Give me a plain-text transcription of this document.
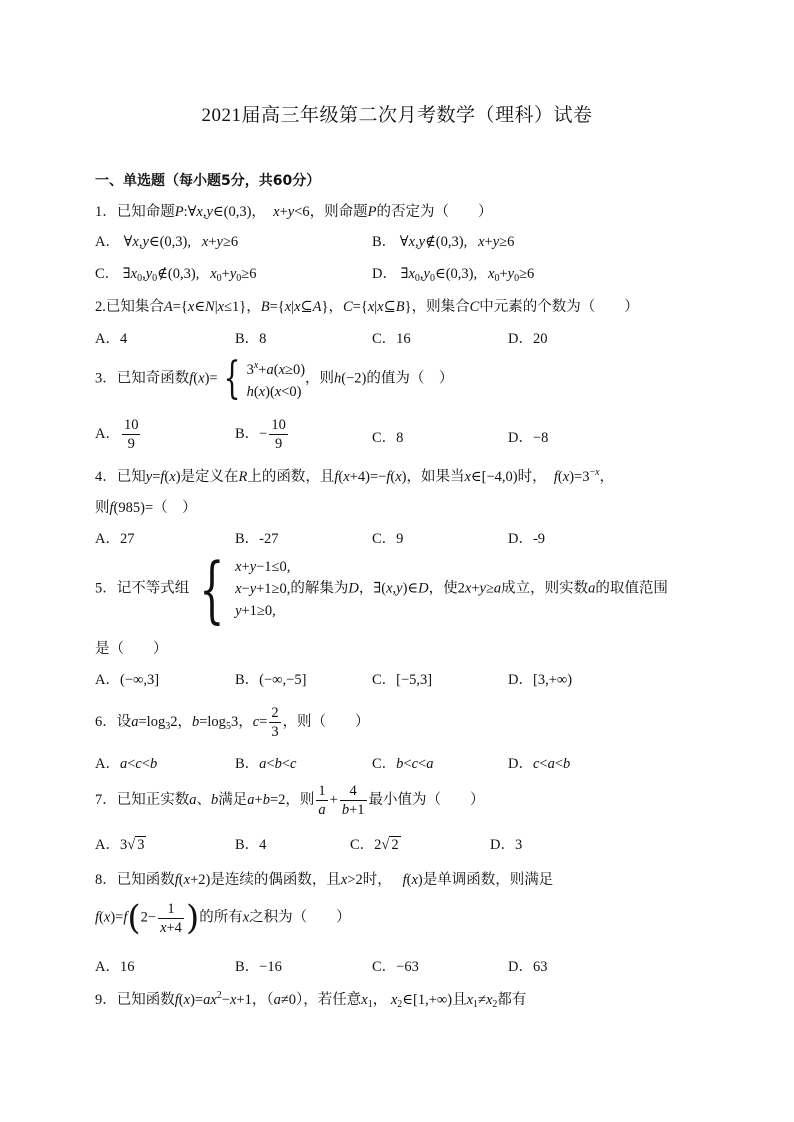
2021届高三年级第二次月考数学（理科）试卷
一、单选题（每小题5分，共60分）
1．已知命题P:∀x,y∈(0,3)，  x+y<6，则命题P的否定为（　　）
A． ∀x,y∈(0,3),   x+y≥6	B． ∀x,y∉(0,3),   x+y≥6
C． $\exists x_0,y_0\notin(0,3)$,   $x_0+y_0\ge 6$	D． $\exists x_0,y_0\in(0,3)$,   $x_0+y_0\ge 6$
2.已知集合A={x∈N|x≤1}，B={x|x⊆A}，C={x|x⊆B}，则集合C中元素的个数为（　　）
A．4	B．8	C．16	D．20
3．已知奇函数f(x)= { $3^x+a(x\ge 0)$
h(x)(x<0)
，则h(−2)的值为（　）
A． $\frac{10}{9}$	B．− $\frac{10}{9}$	C．8	D．−8
4．已知y=f(x)是定义在R上的函数，且f(x+4)=−f(x)，如果当x∈[−4,0)时， $f(x)=3^{-x}$，
则f(985)=（　）
A．27	B．-27	C．9	D．-9
5．记不等式组 { x+y−1≤0,
x−y+1≥0,
y+1≥0,
的解集为D，∃(x,y)∈D，使2x+y≥a成立，则实数a的取值范围
是（　　）
A．(−∞,3]	B．(−∞,−5]	C．[−5,3]	D．[3,+∞)
6．设$a=\log_32$，$b=\log_53$，$c= \frac{2}{3}$ ，则（　　）
A．a<c<b	B．a<b<c	C．b<c<a	D．c<a<b
7．已知正实数a、b满足a+b=2，则 $\frac{1}{a} + \frac{4}{b+1}$ 最小值为（　　）
A．3√ 3	B．4	C．2√ 2	D．3
8．已知函数f(x+2)是连续的偶函数，且x>2时， f(x)是单调函数，则满足
$f(x)=f(2- \frac{1}{x+4}$ )的所有x之积为（　　）
A．16	B．−16	C．−63	D．63
9．已知函数$f(x)=ax^2-x+1$，（a≠0），若任意$x_1$， $x_2\in[1,+\infty)$且$x_1\ne x_2$都有
